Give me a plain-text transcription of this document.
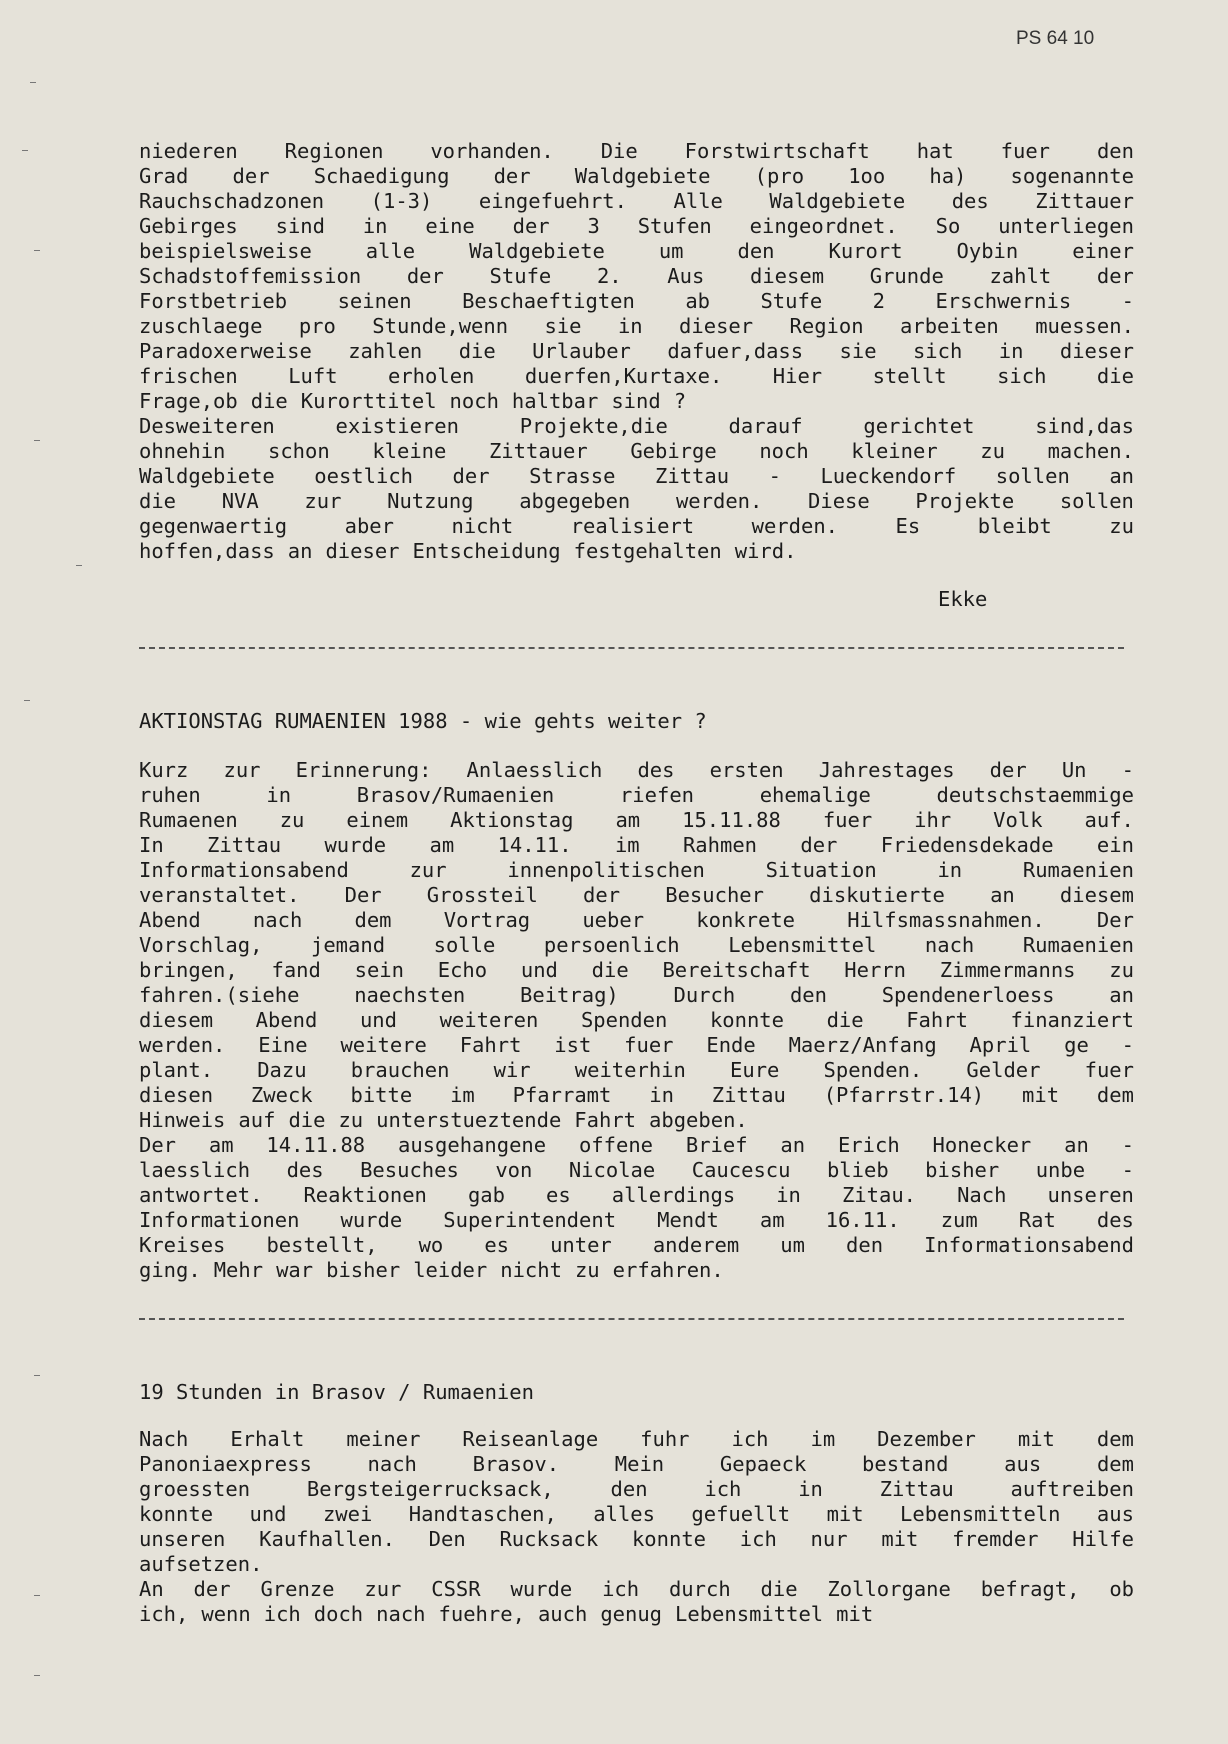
PS 64 10
niederen Regionen vorhanden. Die Forstwirtschaft hat fuer den
Grad der Schaedigung der Waldgebiete (pro 1oo ha) sogenannte
Rauchschadzonen (1-3) eingefuehrt. Alle Waldgebiete des Zittauer
Gebirges sind in eine der 3 Stufen eingeordnet. So unterliegen
beispielsweise	alle	Waldgebiete	um	den	Kurort	Oybin	einer
Schadstoffemission der Stufe 2. Aus diesem Grunde zahlt der
Forstbetrieb seinen Beschaeftigten ab Stufe 2 Erschwernis -
zuschlaege pro Stunde,wenn sie in dieser Region arbeiten muessen.
Paradoxerweise zahlen die Urlauber dafuer,dass sie sich in dieser
frischen Luft erholen duerfen,Kurtaxe. Hier stellt sich die
Frage,ob die Kurorttitel noch haltbar sind ?
Desweiteren	existieren	Projekte,die	darauf	gerichtet	sind,das
ohnehin schon kleine Zittauer Gebirge noch kleiner zu machen.
Waldgebiete oestlich der Strasse Zittau - Lueckendorf sollen an
die NVA zur Nutzung abgegeben werden. Diese Projekte sollen
gegenwaertig	aber	nicht	realisiert	werden.	Es	bleibt	zu
hoffen,dass an dieser Entscheidung festgehalten wird.
Ekke
AKTIONSTAG RUMAENIEN 1988 - wie gehts weiter ?
Kurz zur Erinnerung: Anlaesslich des ersten Jahrestages der Un -
ruhen	in	Brasov/Rumaenien	riefen	ehemalige	deutschstaemmige
Rumaenen zu einem Aktionstag am 15.11.88 fuer ihr Volk auf.
In Zittau wurde am 14.11. im Rahmen der Friedensdekade ein
Informationsabend	zur	innenpolitischen	Situation	in	Rumaenien
veranstaltet. Der Grossteil der Besucher diskutierte an diesem
Abend	nach	dem	Vortrag	ueber	konkrete	Hilfsmassnahmen.	Der
Vorschlag, jemand solle persoenlich Lebensmittel nach Rumaenien
bringen, fand sein Echo und die Bereitschaft Herrn Zimmermanns zu
fahren.(siehe	naechsten	Beitrag)	Durch	den	Spendenerloess	an
diesem Abend und weiteren Spenden konnte die Fahrt finanziert
werden. Eine weitere Fahrt ist fuer Ende Maerz/Anfang April ge -
plant. Dazu brauchen wir weiterhin Eure Spenden. Gelder fuer
diesen Zweck bitte im Pfarramt in Zittau (Pfarrstr.14) mit dem
Hinweis auf die zu unterstueztende Fahrt abgeben.
Der am 14.11.88 ausgehangene offene Brief an Erich Honecker an -
laesslich des Besuches von Nicolae Caucescu blieb bisher unbe -
antwortet. Reaktionen gab es allerdings in Zitau. Nach unseren
Informationen wurde Superintendent Mendt am 16.11. zum Rat des
Kreises bestellt, wo es unter anderem um den Informationsabend
ging. Mehr war bisher leider nicht zu erfahren.
19 Stunden in Brasov / Rumaenien
Nach Erhalt meiner Reiseanlage fuhr ich im Dezember mit dem
Panoniaexpress	nach	Brasov.	Mein	Gepaeck	bestand	aus	dem
groessten	Bergsteigerrucksack,	den	ich	in	Zittau	auftreiben
konnte und zwei Handtaschen, alles gefuellt mit Lebensmitteln aus
unseren Kaufhallen. Den Rucksack konnte ich nur mit fremder Hilfe
aufsetzen.
An der Grenze zur CSSR wurde ich durch die Zollorgane befragt, ob
ich, wenn ich doch nach fuehre, auch genug Lebensmittel mit
